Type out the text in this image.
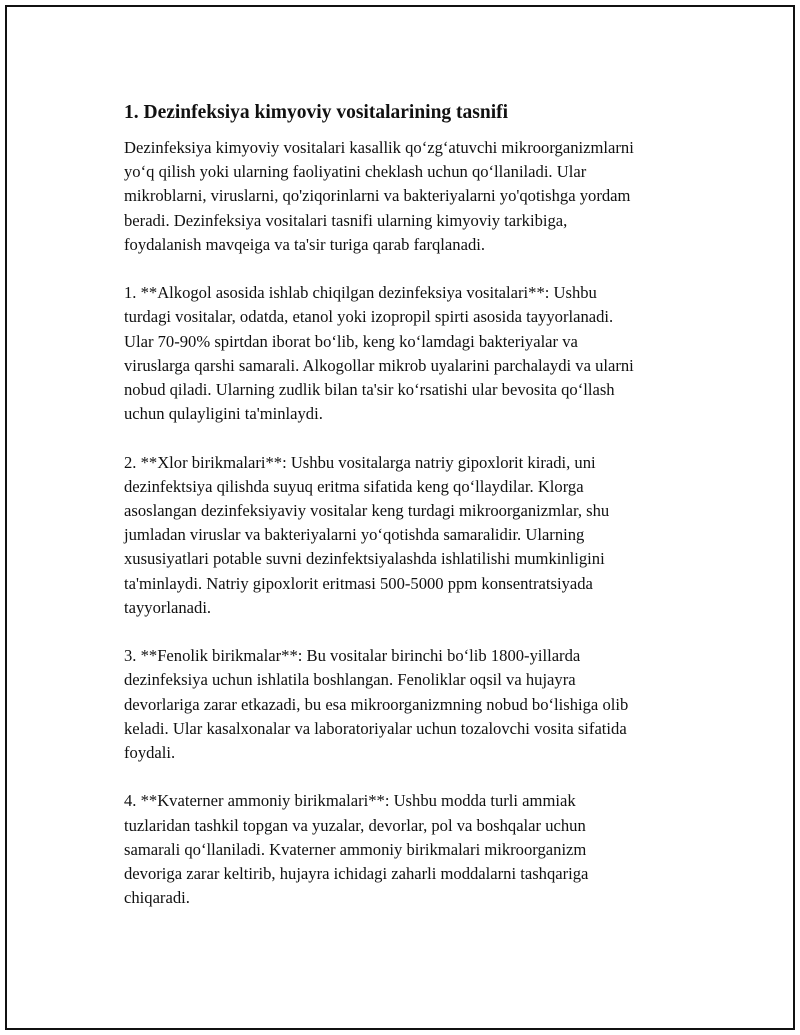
1. Dezinfeksiya kimyoviy vositalarining tasnifi

Dezinfeksiya kimyoviy vositalari kasallik qo‘zg‘atuvchi mikroorganizmlarni
yo‘q qilish yoki ularning faoliyatini cheklash uchun qo‘llaniladi. Ular
mikroblarni, viruslarni, qo'ziqorinlarni va bakteriyalarni yo'qotishga yordam
beradi. Dezinfeksiya vositalari tasnifi ularning kimyoviy tarkibiga,
foydalanish mavqeiga va ta'sir turiga qarab farqlanadi.

1. **Alkogol asosida ishlab chiqilgan dezinfeksiya vositalari**: Ushbu
turdagi vositalar, odatda, etanol yoki izopropil spirti asosida tayyorlanadi.
Ular 70-90% spirtdan iborat bo‘lib, keng ko‘lamdagi bakteriyalar va
viruslarga qarshi samarali. Alkogollar mikrob uyalarini parchalaydi va ularni
nobud qiladi. Ularning zudlik bilan ta'sir ko‘rsatishi ular bevosita qo‘llash
uchun qulayligini ta'minlaydi.

2. **Xlor birikmalari**: Ushbu vositalarga natriy gipoxlorit kiradi, uni
dezinfektsiya qilishda suyuq eritma sifatida keng qo‘llaydilar. Klorga
asoslangan dezinfeksiyaviy vositalar keng turdagi mikroorganizmlar, shu
jumladan viruslar va bakteriyalarni yo‘qotishda samaralidir. Ularning
xususiyatlari potable suvni dezinfektsiyalashda ishlatilishi mumkinligini
ta'minlaydi. Natriy gipoxlorit eritmasi 500-5000 ppm konsentratsiyada
tayyorlanadi.

3. **Fenolik birikmalar**: Bu vositalar birinchi bo‘lib 1800-yillarda
dezinfeksiya uchun ishlatila boshlangan. Fenoliklar oqsil va hujayra
devorlariga zarar etkazadi, bu esa mikroorganizmning nobud bo‘lishiga olib
keladi. Ular kasalxonalar va laboratoriyalar uchun tozalovchi vosita sifatida
foydali.

4. **Kvaterner ammoniy birikmalari**: Ushbu modda turli ammiak
tuzlaridan tashkil topgan va yuzalar, devorlar, pol va boshqalar uchun
samarali qo‘llaniladi. Kvaterner ammoniy birikmalari mikroorganizm
devoriga zarar keltirib, hujayra ichidagi zaharli moddalarni tashqariga
chiqaradi.
